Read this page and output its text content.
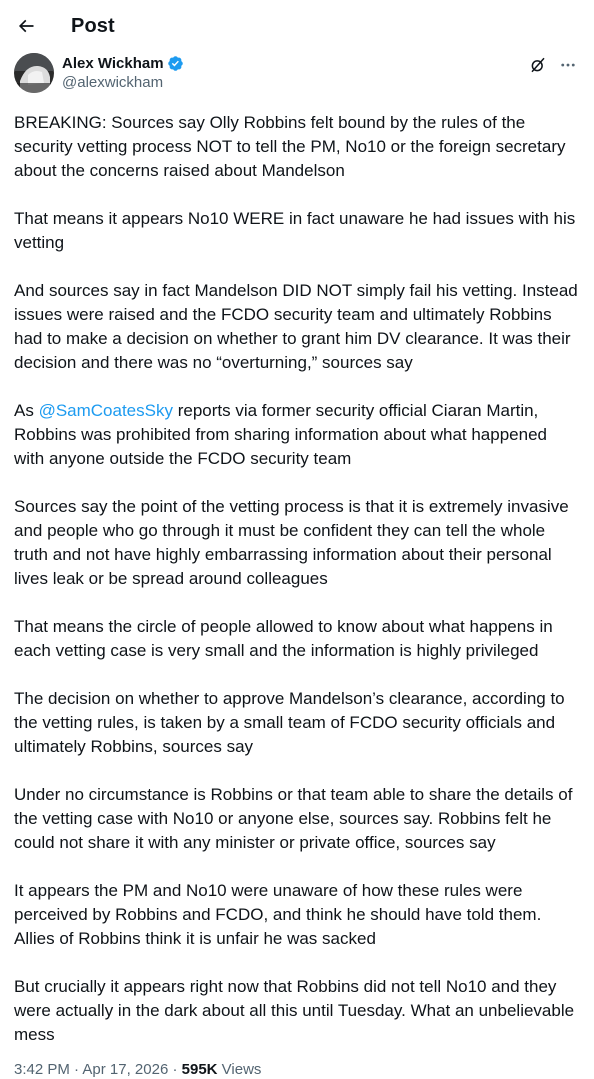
Post
Alex Wickham
@alexwickham

BREAKING: Sources say Olly Robbins felt bound by the rules of the security vetting process NOT to tell the PM, No10 or the foreign secretary about the concerns raised about Mandelson

That means it appears No10 WERE in fact unaware he had issues with his vetting

And sources say in fact Mandelson DID NOT simply fail his vetting. Instead issues were raised and the FCDO security team and ultimately Robbins had to make a decision on whether to grant him DV clearance. It was their decision and there was no “overturning,” sources say

As @SamCoatesSky reports via former security official Ciaran Martin, Robbins was prohibited from sharing information about what happened with anyone outside the FCDO security team

Sources say the point of the vetting process is that it is extremely invasive and people who go through it must be confident they can tell the whole truth and not have highly embarrassing information about their personal lives leak or be spread around colleagues

That means the circle of people allowed to know about what happens in each vetting case is very small and the information is highly privileged

The decision on whether to approve Mandelson’s clearance, according to the vetting rules, is taken by a small team of FCDO security officials and ultimately Robbins, sources say

Under no circumstance is Robbins or that team able to share the details of the vetting case with No10 or anyone else, sources say. Robbins felt he could not share it with any minister or private office, sources say

It appears the PM and No10 were unaware of how these rules were perceived by Robbins and FCDO, and think he should have told them. Allies of Robbins think it is unfair he was sacked

But crucially it appears right now that Robbins did not tell No10 and they were actually in the dark about all this until Tuesday. What an unbelievable mess

3:42 PM · Apr 17, 2026 · 595K Views
